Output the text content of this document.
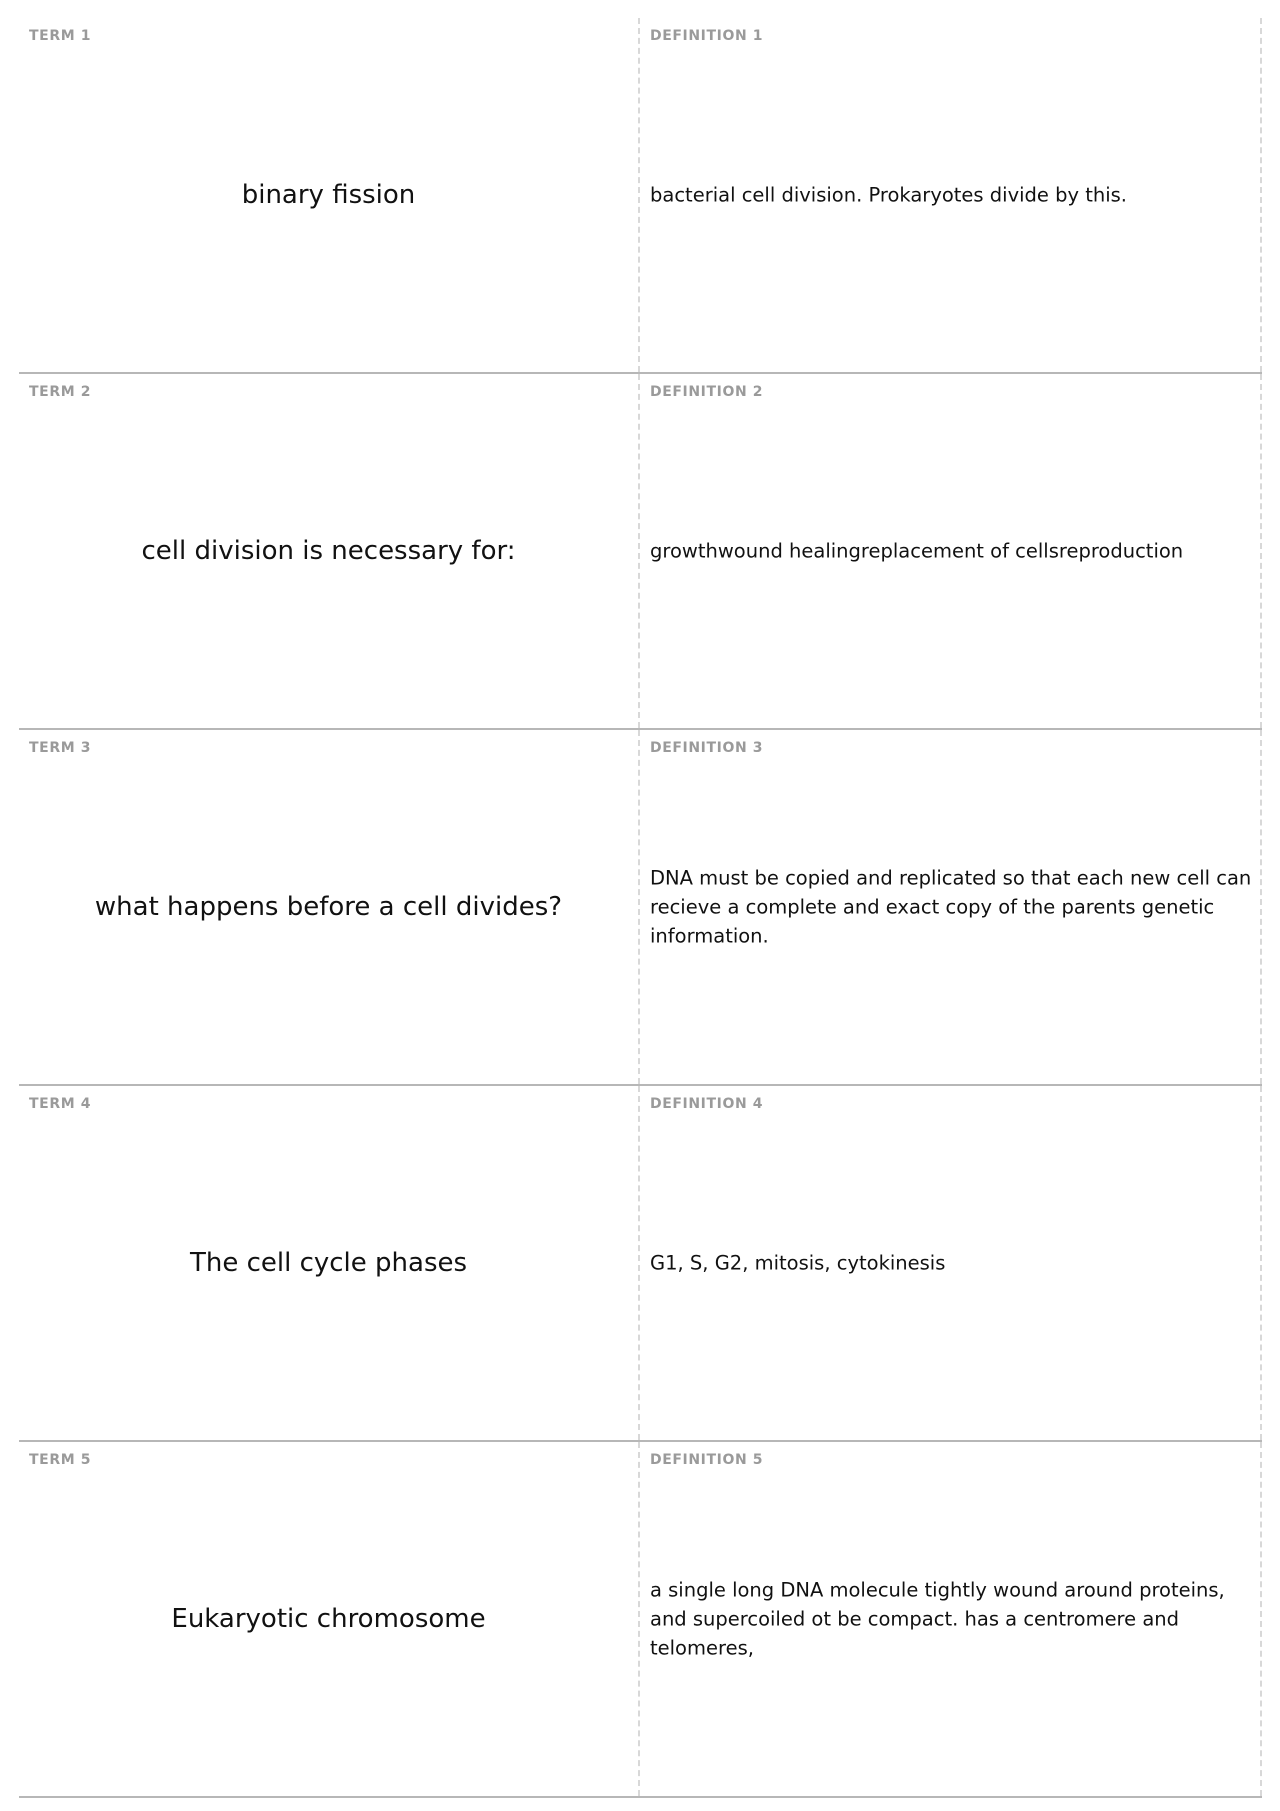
TERM 1
binary fission
DEFINITION 1
bacterial cell division. Prokaryotes divide by this.
TERM 2
cell division is necessary for:
DEFINITION 2
growthwound healingreplacement of cellsreproduction
TERM 3
what happens before a cell divides?
DEFINITION 3
DNA must be copied and replicated so that each new cell can recieve a complete and exact copy of the parents genetic information.
TERM 4
The cell cycle phases
DEFINITION 4
G1, S, G2, mitosis, cytokinesis
TERM 5
Eukaryotic chromosome
DEFINITION 5
a single long DNA molecule tightly wound around proteins, and supercoiled ot be compact. has a centromere and telomeres,
